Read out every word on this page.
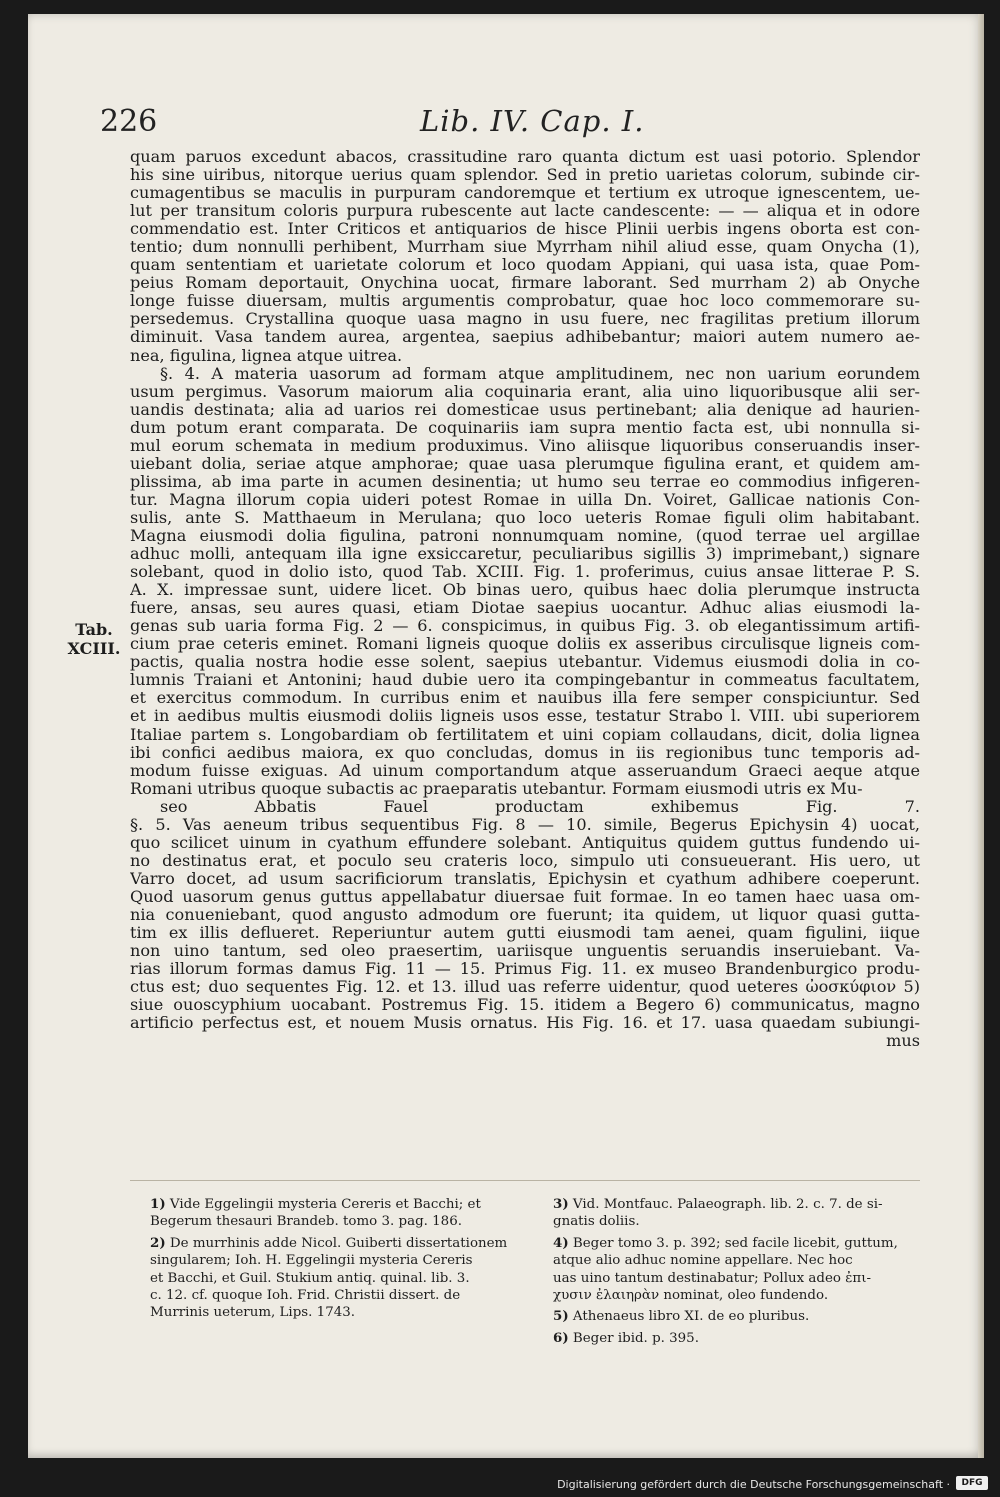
226	Lib. IV. Cap. I.
Tab.
XCIII.
quam paruos excedunt abacos, crassitudine raro quanta dictum est uasi potorio. Splendor
his sine uiribus, nitorque uerius quam splendor. Sed in pretio uarietas colorum, subinde cir-
cumagentibus se maculis in purpuram candoremque et tertium ex utroque ignescentem, ue-
lut per transitum coloris purpura rubescente aut lacte candescente: — — aliqua et in odore
commendatio est. Inter Criticos et antiquarios de hisce Plinii uerbis ingens oborta est con-
tentio; dum nonnulli perhibent, Murrham siue Myrrham nihil aliud esse, quam Onycha (1),
quam sententiam et uarietate colorum et loco quodam Appiani, qui uasa ista, quae Pom-
peius Romam deportauit, Onychina uocat, firmare laborant. Sed murrham 2) ab Onyche
longe fuisse diuersam, multis argumentis comprobatur, quae hoc loco commemorare su-
persedemus. Crystallina quoque uasa magno in usu fuere, nec fragilitas pretium illorum
diminuit. Vasa tandem aurea, argentea, saepius adhibebantur; maiori autem numero ae-
nea, figulina, lignea atque uitrea.
§. 4. A materia uasorum ad formam atque amplitudinem, nec non uarium eorundem
usum pergimus. Vasorum maiorum alia coquinaria erant, alia uino liquoribusque alii ser-
uandis destinata; alia ad uarios rei domesticae usus pertinebant; alia denique ad haurien-
dum potum erant comparata. De coquinariis iam supra mentio facta est, ubi nonnulla si-
mul eorum schemata in medium produximus. Vino aliisque liquoribus conseruandis inser-
uiebant dolia, seriae atque amphorae; quae uasa plerumque figulina erant, et quidem am-
plissima, ab ima parte in acumen desinentia; ut humo seu terrae eo commodius infigeren-
tur. Magna illorum copia uideri potest Romae in uilla Dn. Voiret, Gallicae nationis Con-
sulis, ante S. Matthaeum in Merulana; quo loco ueteris Romae figuli olim habitabant.
Magna eiusmodi dolia figulina, patroni nonnumquam nomine, (quod terrae uel argillae
adhuc molli, antequam illa igne exsiccaretur, peculiaribus sigillis 3) imprimebant,) signare
solebant, quod in dolio isto, quod Tab. XCIII. Fig. 1. proferimus, cuius ansae litterae P. S.
A. X. impressae sunt, uidere licet. Ob binas uero, quibus haec dolia plerumque instructa
fuere, ansas, seu aures quasi, etiam Diotae saepius uocantur. Adhuc alias eiusmodi la-
genas sub uaria forma Fig. 2 — 6. conspicimus, in quibus Fig. 3. ob elegantissimum artifi-
cium prae ceteris eminet. Romani ligneis quoque doliis ex asseribus circulisque ligneis com-
pactis, qualia nostra hodie esse solent, saepius utebantur. Videmus eiusmodi dolia in co-
lumnis Traiani et Antonini; haud dubie uero ita compingebantur in commeatus facultatem,
et exercitus commodum. In curribus enim et nauibus illa fere semper conspiciuntur. Sed
et in aedibus multis eiusmodi doliis ligneis usos esse, testatur Strabo l. VIII. ubi superiorem
Italiae partem s. Longobardiam ob fertilitatem et uini copiam collaudans, dicit, dolia lignea
ibi confici aedibus maiora, ex quo concludas, domus in iis regionibus tunc temporis ad-
modum fuisse exiguas. Ad uinum comportandum atque asseruandum Graeci aeque atque
Romani utribus quoque subactis ac praeparatis utebantur. Formam eiusmodi utris ex Mu-
seo Abbatis Fauel productam exhibemus Fig. 7.
§. 5. Vas aeneum tribus sequentibus Fig. 8 — 10. simile, Begerus Epichysin 4) uocat,
quo scilicet uinum in cyathum effundere solebant. Antiquitus quidem guttus fundendo ui-
no destinatus erat, et poculo seu crateris loco, simpulo uti consueuerant. His uero, ut
Varro docet, ad usum sacrificiorum translatis, Epichysin et cyathum adhibere coeperunt.
Quod uasorum genus guttus appellabatur diuersae fuit formae. In eo tamen haec uasa om-
nia conueniebant, quod angusto admodum ore fuerunt; ita quidem, ut liquor quasi gutta-
tim ex illis deflueret. Reperiuntur autem gutti eiusmodi tam aenei, quam figulini, iique
non uino tantum, sed oleo praesertim, uariisque unguentis seruandis inseruiebant. Va-
rias illorum formas damus Fig. 11 — 15. Primus Fig. 11. ex museo Brandenburgico produ-
ctus est; duo sequentes Fig. 12. et 13. illud uas referre uidentur, quod ueteres ὠοσκύφιον 5)
siue ouoscyphium uocabant. Postremus Fig. 15. itidem a Begero 6) communicatus, magno
artificio perfectus est, et nouem Musis ornatus. His Fig. 16. et 17. uasa quaedam subiungi-
mus
1) Vide Eggelingii mysteria Cereris et Bacchi; et
Begerum thesauri Brandeb. tomo 3. pag. 186.
2) De murrhinis adde Nicol. Guiberti dissertationem
singularem; Ioh. H. Eggelingii mysteria Cereris
et Bacchi, et Guil. Stukium antiq. quinal. lib. 3.
c. 12. cf. quoque Ioh. Frid. Christii dissert. de
Murrinis ueterum, Lips. 1743.
3) Vid. Montfauc. Palaeograph. lib. 2. c. 7. de si-
gnatis doliis.
4) Beger tomo 3. p. 392; sed facile licebit, guttum,
atque alio adhuc nomine appellare. Nec hoc
uas uino tantum destinabatur; Pollux adeo ἐπι-
χυσιν ἐλαιηρὰν nominat, oleo fundendo.
5) Athenaeus libro XI. de eo pluribus.
6) Beger ibid. p. 395.
Digitalisierung gefördert durch die Deutsche Forschungsgemeinschaft ·	DFG
